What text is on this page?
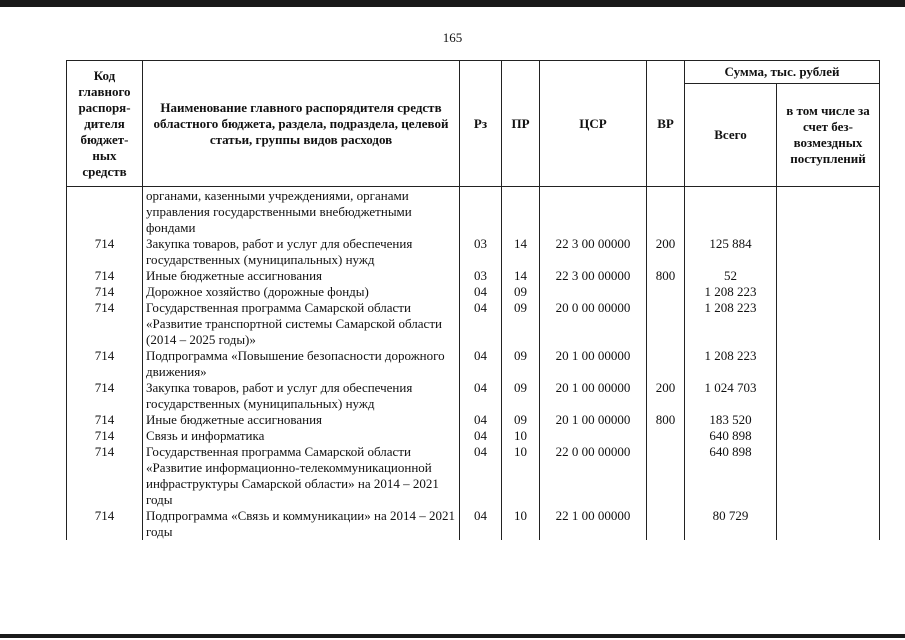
165
Код главного распоря-дителя бюджет-ных средств	Наименование главного распорядителя средств областного бюджета, раздела, подраздела, целевой статьи, группы видов расходов	Рз	ПР	ЦСР	ВР	Сумма, тыс. рублей	
						Всего	в том числе за счет без-возмездных поступлений
	органами, казенными учреждениями, органами управления государственными внебюджетными фондами						
714	Закупка товаров, работ и услуг для обеспечения государственных (муниципальных) нужд	03	14	22 3 00 00000	200	125 884	
714	Иные бюджетные ассигнования	03	14	22 3 00 00000	800	52	
714	Дорожное хозяйство (дорожные фонды)	04	09			1 208 223	
714	Государственная программа Самарской области «Развитие транспортной системы Самарской области (2014 – 2025 годы)»	04	09	20 0 00 00000		1 208 223	
714	Подпрограмма «Повышение безопасности дорожного движения»	04	09	20 1 00 00000		1 208 223	
714	Закупка товаров, работ и услуг для обеспечения государственных (муниципальных) нужд	04	09	20 1 00 00000	200	1 024 703	
714	Иные бюджетные ассигнования	04	09	20 1 00 00000	800	183 520	
714	Связь и информатика	04	10			640 898	
714	Государственная программа Самарской области «Развитие информационно-телекоммуникационной инфраструктуры Самарской области» на 2014 – 2021 годы	04	10	22 0 00 00000		640 898	
714	Подпрограмма «Связь и коммуникации» на 2014 – 2021 годы	04	10	22 1 00 00000		80 729	
